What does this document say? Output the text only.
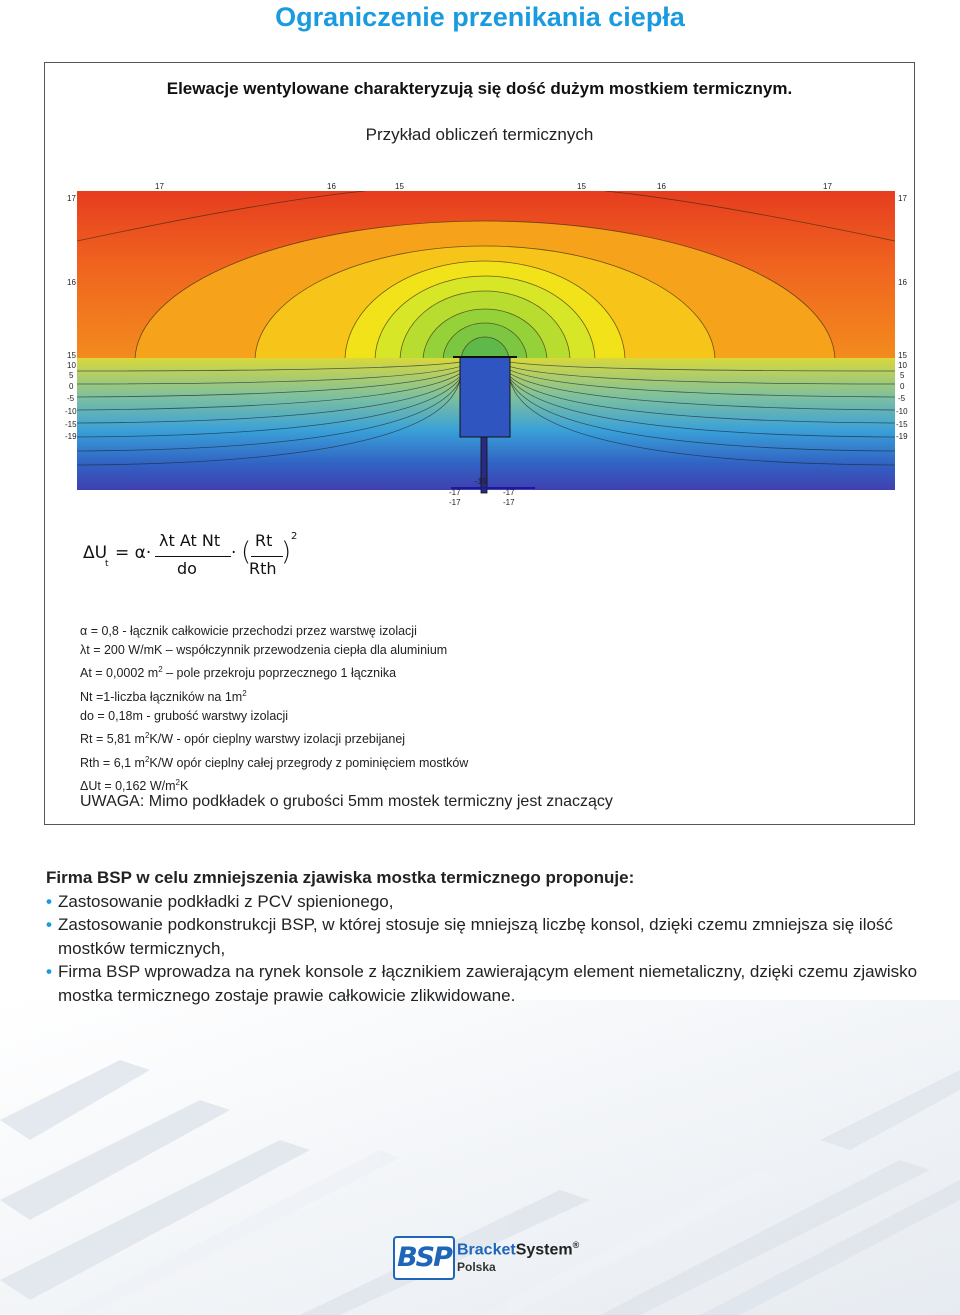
Ograniczenie przenikania ciepła
Elewacje wentylowane charakteryzują się dość dużym mostkiem termicznym.
Przykład obliczeń termicznych
17	16	15	15	16	17
17
16
15
10
5
0
-5
-10
-15
-19
17
16
15
10
5
0
-5
-10
-15
-19
-15
-17	-17
-17	-17
ΔU
t
= α·
λt At Nt
do
· ( Rt
Rth
)
2
α = 0,8 - łącznik całkowicie przechodzi przez warstwę izolacji
λt = 200 W/mK – współczynnik przewodzenia ciepła dla aluminium
At = 0,0002 $m^2$ – pole przekroju poprzecznego 1 łącznika
Nt =1-liczba łączników na $1m^2$
do = 0,18m - grubość warstwy izolacji
Rt = 5,81 $m^2K/W$ - opór cieplny warstwy izolacji przebijanej
Rth = 6,1 $m^2K/W$ opór cieplny całej przegrody z pominięciem mostków
ΔUt = 0,162 $W/m^2K$
UWAGA: Mimo podkładek o grubości 5mm mostek termiczny jest znaczący
Firma BSP w celu zmniejszenia zjawiska mostka termicznego proponuje:
• Zastosowanie podkładki z PCV spienionego,
• Zastosowanie podkonstrukcji BSP, w której stosuje się mniejszą liczbę konsol, dzięki czemu zmniejsza się ilość mostków termicznych,
• Firma BSP wprowadza na rynek konsole z łącznikiem zawierającym element niemetaliczny, dzięki czemu zjawisko mostka termicznego zostaje prawie całkowicie zlikwidowane.
BSP BracketSystem®
Polska
